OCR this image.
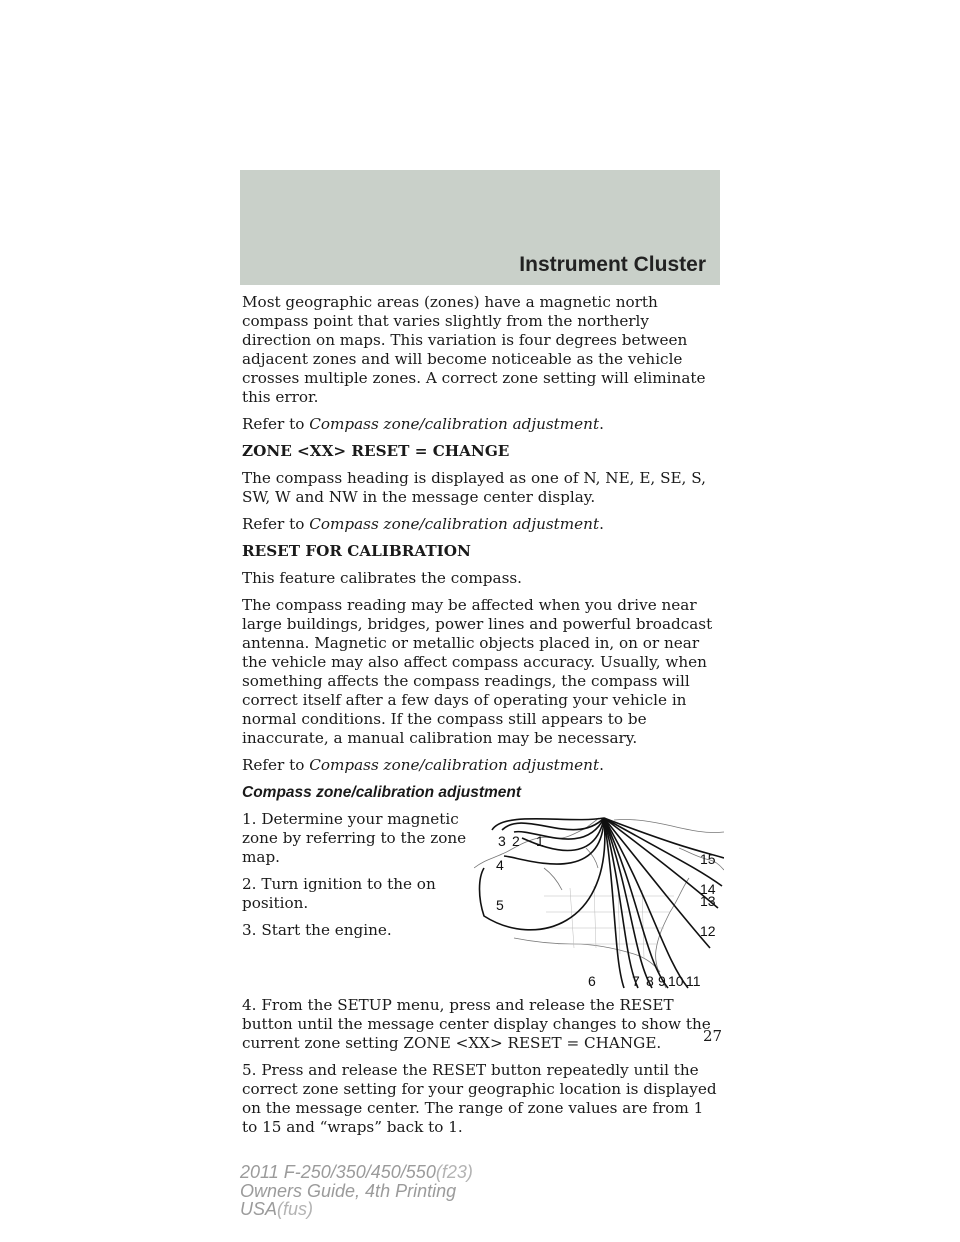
Instrument Cluster

Most geographic areas (zones) have a magnetic north compass point that varies slightly from the northerly direction on maps. This variation is four degrees between adjacent zones and will become noticeable as the vehicle crosses multiple zones. A correct zone setting will eliminate this error.

Refer to Compass zone/calibration adjustment.

ZONE <XX> RESET = CHANGE

The compass heading is displayed as one of N, NE, E, SE, S, SW, W and NW in the message center display.

Refer to Compass zone/calibration adjustment.

RESET FOR CALIBRATION

This feature calibrates the compass.

The compass reading may be affected when you drive near large buildings, bridges, power lines and powerful broadcast antenna. Magnetic or metallic objects placed in, on or near the vehicle may also affect compass accuracy. Usually, when something affects the compass readings, the compass will correct itself after a few days of operating your vehicle in normal conditions. If the compass still appears to be inaccurate, a manual calibration may be necessary.

Refer to Compass zone/calibration adjustment.

Compass zone/calibration adjustment

1. Determine your magnetic zone by referring to the zone map.

2. Turn ignition to the on position.

3. Start the engine.

1
2
3
4
5
6	7 8 9 10 11
12
13
14
15

4. From the SETUP menu, press and release the RESET button until the message center display changes to show the current zone setting ZONE <XX> RESET = CHANGE.

5. Press and release the RESET button repeatedly until the correct zone setting for your geographic location is displayed on the message center. The range of zone values are from 1 to 15 and “wraps” back to 1.

27
2011 F-250/350/450/550(f23)
Owners Guide, 4th Printing
USA(fus)
